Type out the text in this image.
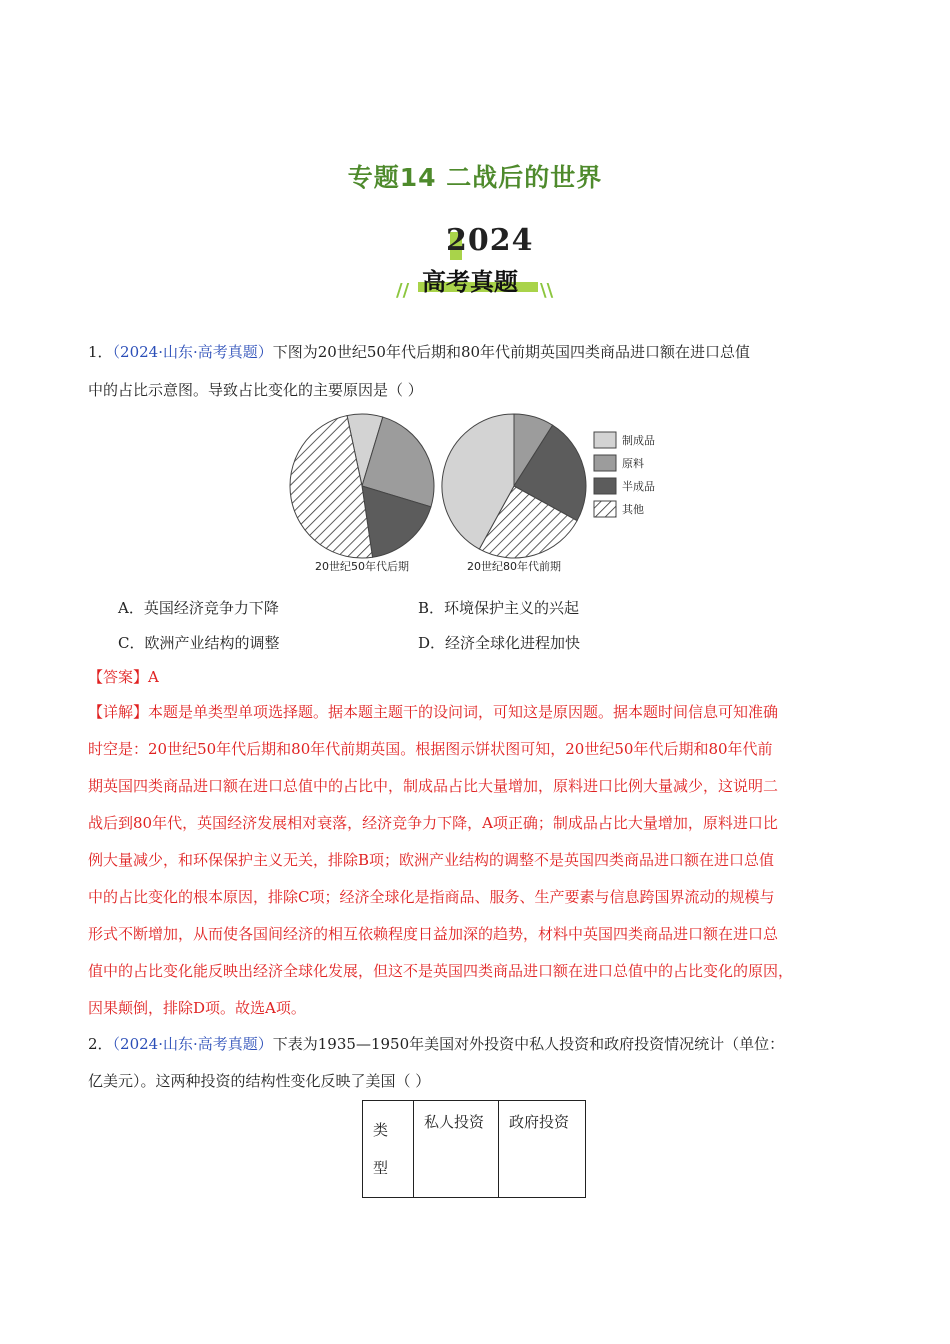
专题14 二战后的世界
2024
高考真题
//	\\
1．（2024·山东·高考真题）下图为20世纪50年代后期和80年代前期英国四类商品进口额在进口总值
中的占比示意图。导致占比变化的主要原因是（ ）
制成品
原料
半成品
其他
20世纪50年代后期	20世纪80年代前期
A．英国经济竞争力下降	B．环境保护主义的兴起
C．欧洲产业结构的调整	D．经济全球化进程加快
【答案】A
【详解】本题是单类型单项选择题。据本题主题干的设问词，可知这是原因题。据本题时间信息可知准确
时空是：20世纪50年代后期和80年代前期英国。根据图示饼状图可知，20世纪50年代后期和80年代前
期英国四类商品进口额在进口总值中的占比中，制成品占比大量增加，原料进口比例大量减少，这说明二
战后到80年代，英国经济发展相对衰落，经济竞争力下降，A项正确；制成品占比大量增加，原料进口比
例大量减少，和环保保护主义无关，排除B项；欧洲产业结构的调整不是英国四类商品进口额在进口总值
中的占比变化的根本原因，排除C项；经济全球化是指商品、服务、生产要素与信息跨国界流动的规模与
形式不断增加，从而使各国间经济的相互依赖程度日益加深的趋势，材料中英国四类商品进口额在进口总
值中的占比变化能反映出经济全球化发展，但这不是英国四类商品进口额在进口总值中的占比变化的原因，
因果颠倒，排除D项。故选A项。
2．（2024·山东·高考真题）下表为1935—1950年美国对外投资中私人投资和政府投资情况统计（单位：
亿美元）。这两种投资的结构性变化反映了美国（ ）
类
型	私人投资	政府投资
